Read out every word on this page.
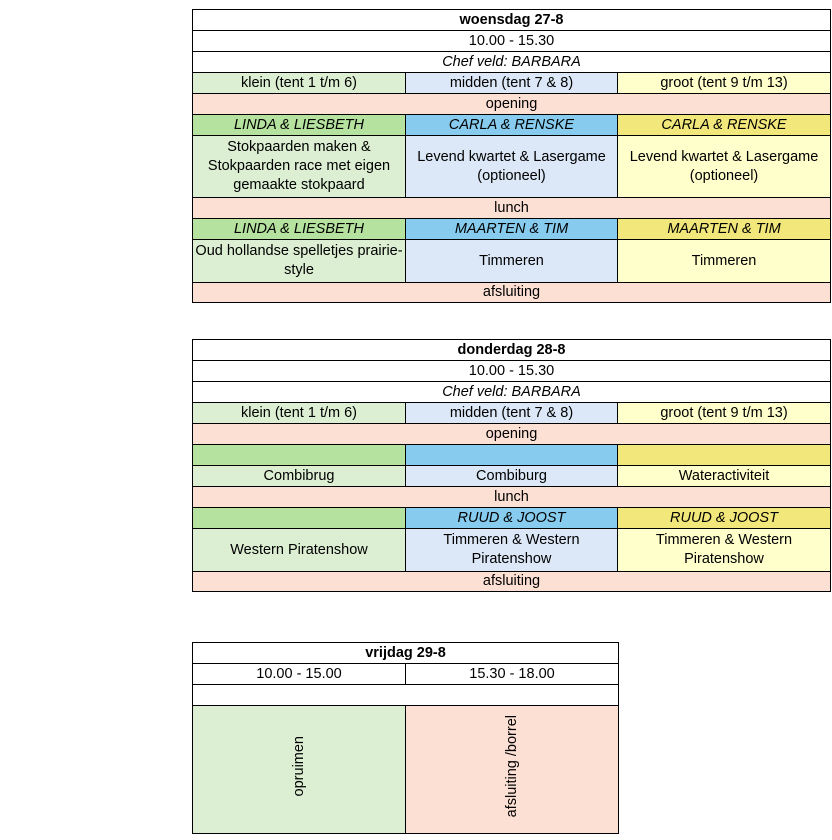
woensdag 27-8		
10.00 - 15.30		
Chef veld: BARBARA		
klein (tent 1 t/m 6)	midden (tent 7 & 8)	groot (tent 9 t/m 13)
opening		
LINDA & LIESBETH	CARLA & RENSKE	CARLA & RENSKE
Stokpaarden maken & Stokpaarden race met eigen gemaakte stokpaard	Levend kwartet & Lasergame (optioneel)	Levend kwartet & Lasergame (optioneel)
lunch		
LINDA & LIESBETH	MAARTEN & TIM	MAARTEN & TIM
Oud hollandse spelletjes prairie-style	Timmeren	Timmeren
afsluiting		
donderdag 28-8		
10.00 - 15.30		
Chef veld: BARBARA		
klein (tent 1 t/m 6)	midden (tent 7 & 8)	groot (tent 9 t/m 13)
opening		

Combibrug	Combiburg	Wateractiviteit
lunch		
	RUUD & JOOST	RUUD & JOOST
Western Piratenshow	Timmeren & Western Piratenshow	Timmeren & Western Piratenshow
afsluiting		
vrijdag 29-8	
10.00 - 15.00	15.30 - 18.00

opruimen	afsluiting /borrel
